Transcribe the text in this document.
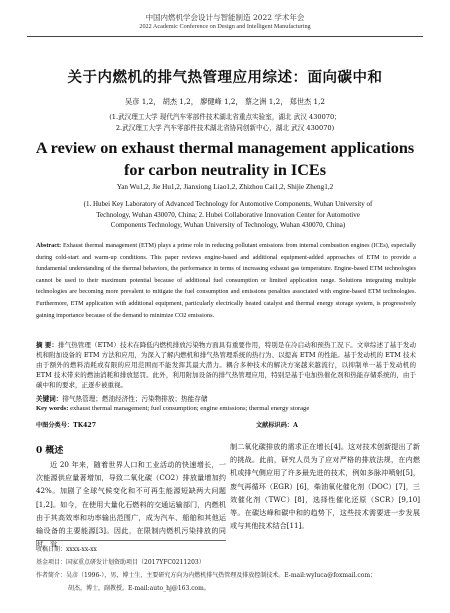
中国内燃机学会设计与智能制造 2022 学术年会
2022 Academic Conference on Design and Intelligent Manufacturing
关于内燃机的排气热管理应用综述：面向碳中和
吴彦 1,2， 胡杰 1,2， 廖健峰 1,2， 蔡之洲 1,2， 郑世杰 1,2
(1.武汉理工大学 现代汽车零部件技术湖北省重点实验室，湖北 武汉 430070；
2.武汉理工大学 汽车零部件技术湖北省协同创新中心，湖北 武汉 430070)
A review on exhaust thermal management applications
for carbon neutrality in ICEs
Yan Wu1,2, Jie Hu1,2, Jianxiong Liao1,2, Zhizhou Cai1,2, Shijie Zheng1,2
(1. Hubei Key Laboratory of Advanced Technology for Automotive Components, Wuhan University of Technology, Wuhan 430070, China; 2. Hubei Collaborative Innovation Center for Automotive Components Technology, Wuhan University of Technology, Wuhan 430070, China)
Abstract: Exhaust thermal management (ETM) plays a prime role in reducing pollutant emissions from internal combustion engines (ICEs), especially during cold-start and warm-up conditions. This paper reviews engine-based and additional equipment-added approaches of ETM to provide a fundamental understanding of the thermal behaviors, the performance in terms of increasing exhaust gas temperature. Engine-based ETM technologies cannot be used to their maximum potential because of additional fuel consumption or limited application range. Solutions integrating multiple technologies are becoming more prevalent to mitigate the fuel consumption and emissions penalties associated with engine-based ETM technologies. Furthermore, ETM application with additional equipment, particularly electrically heated catalyst and thermal energy storage system, is progressively gaining importance because of the demand to minimize CO2 emissions.
摘 要：排气热管理（ETM）技术在降低内燃机排放污染物方面具有重要作用，特别是在冷启动和预热工况下。文章综述了基于发动机和附加设备的 ETM 方法和应用，为深入了解内燃机和排气热管理系统的热行为、以提高 ETM 的性能。基于发动机的 ETM 技术由于额外的燃料消耗或有限的应用范围而不能发挥其最大潜力。耦合多种技术的解决方案越来越流行，以抑制单一基于发动机的 ETM 技术带来的燃油消耗和排放惩罚。此外，利用附加设备的排气热管理应用，特别是基于电加热催化剂和热能存储系统的，由于碳中和的要求，正逐步被重视。
关键词：排气热管理；燃油经济性；污染物排放；热能存储
Key words: exhaust thermal management; fuel consumption; engine emissions; thermal energy storage
中图分类号：TK427	文献标识码：A
0 概述
近 20 年来，随着世界人口和工业活动的快速增长，一次能源供应量著增加，导致二氧化碳（CO2）排放量增加约 42%。加剧了全球气候变化和不可再生能源短缺两大问题[1,2]。如今，在使用大量化石燃料的交通运输部门，内燃机由于其高效率和功率输出范围广，成为汽车、船舶和其他运输设备的主要能源[3]。因此，在限制内燃机污染排放的同时，管
制二氧化碳排放的需求正在增长[4]。这对技术创新提出了新的挑战。此前，研究人员为了应对严格的排放法规，在内燃机或排气侧应用了许多最先进的技术，例如多脉冲喷射[5]，废气再循环（EGR）[6]，柴油氧化催化剂（DOC）[7]，三效催化剂（TWC）[8]，选择性催化还原（SCR）[9,10]等。在碳达峰和碳中和的趋势下，这些技术需要进一步发展或与其他技术结合[11]。
收稿日期：xxxx-xx-xx
基金项目：国家重点研发计划资助项目（2017YFC0211203）
作者简介：吴彦（1996-），男，博士生，主要研究方向为内燃机排气热管理及排放控制技术。E-mail:wyluca@foxmail.com；
胡杰，博士，副教授。E-mail:auto_hj@163.com。
